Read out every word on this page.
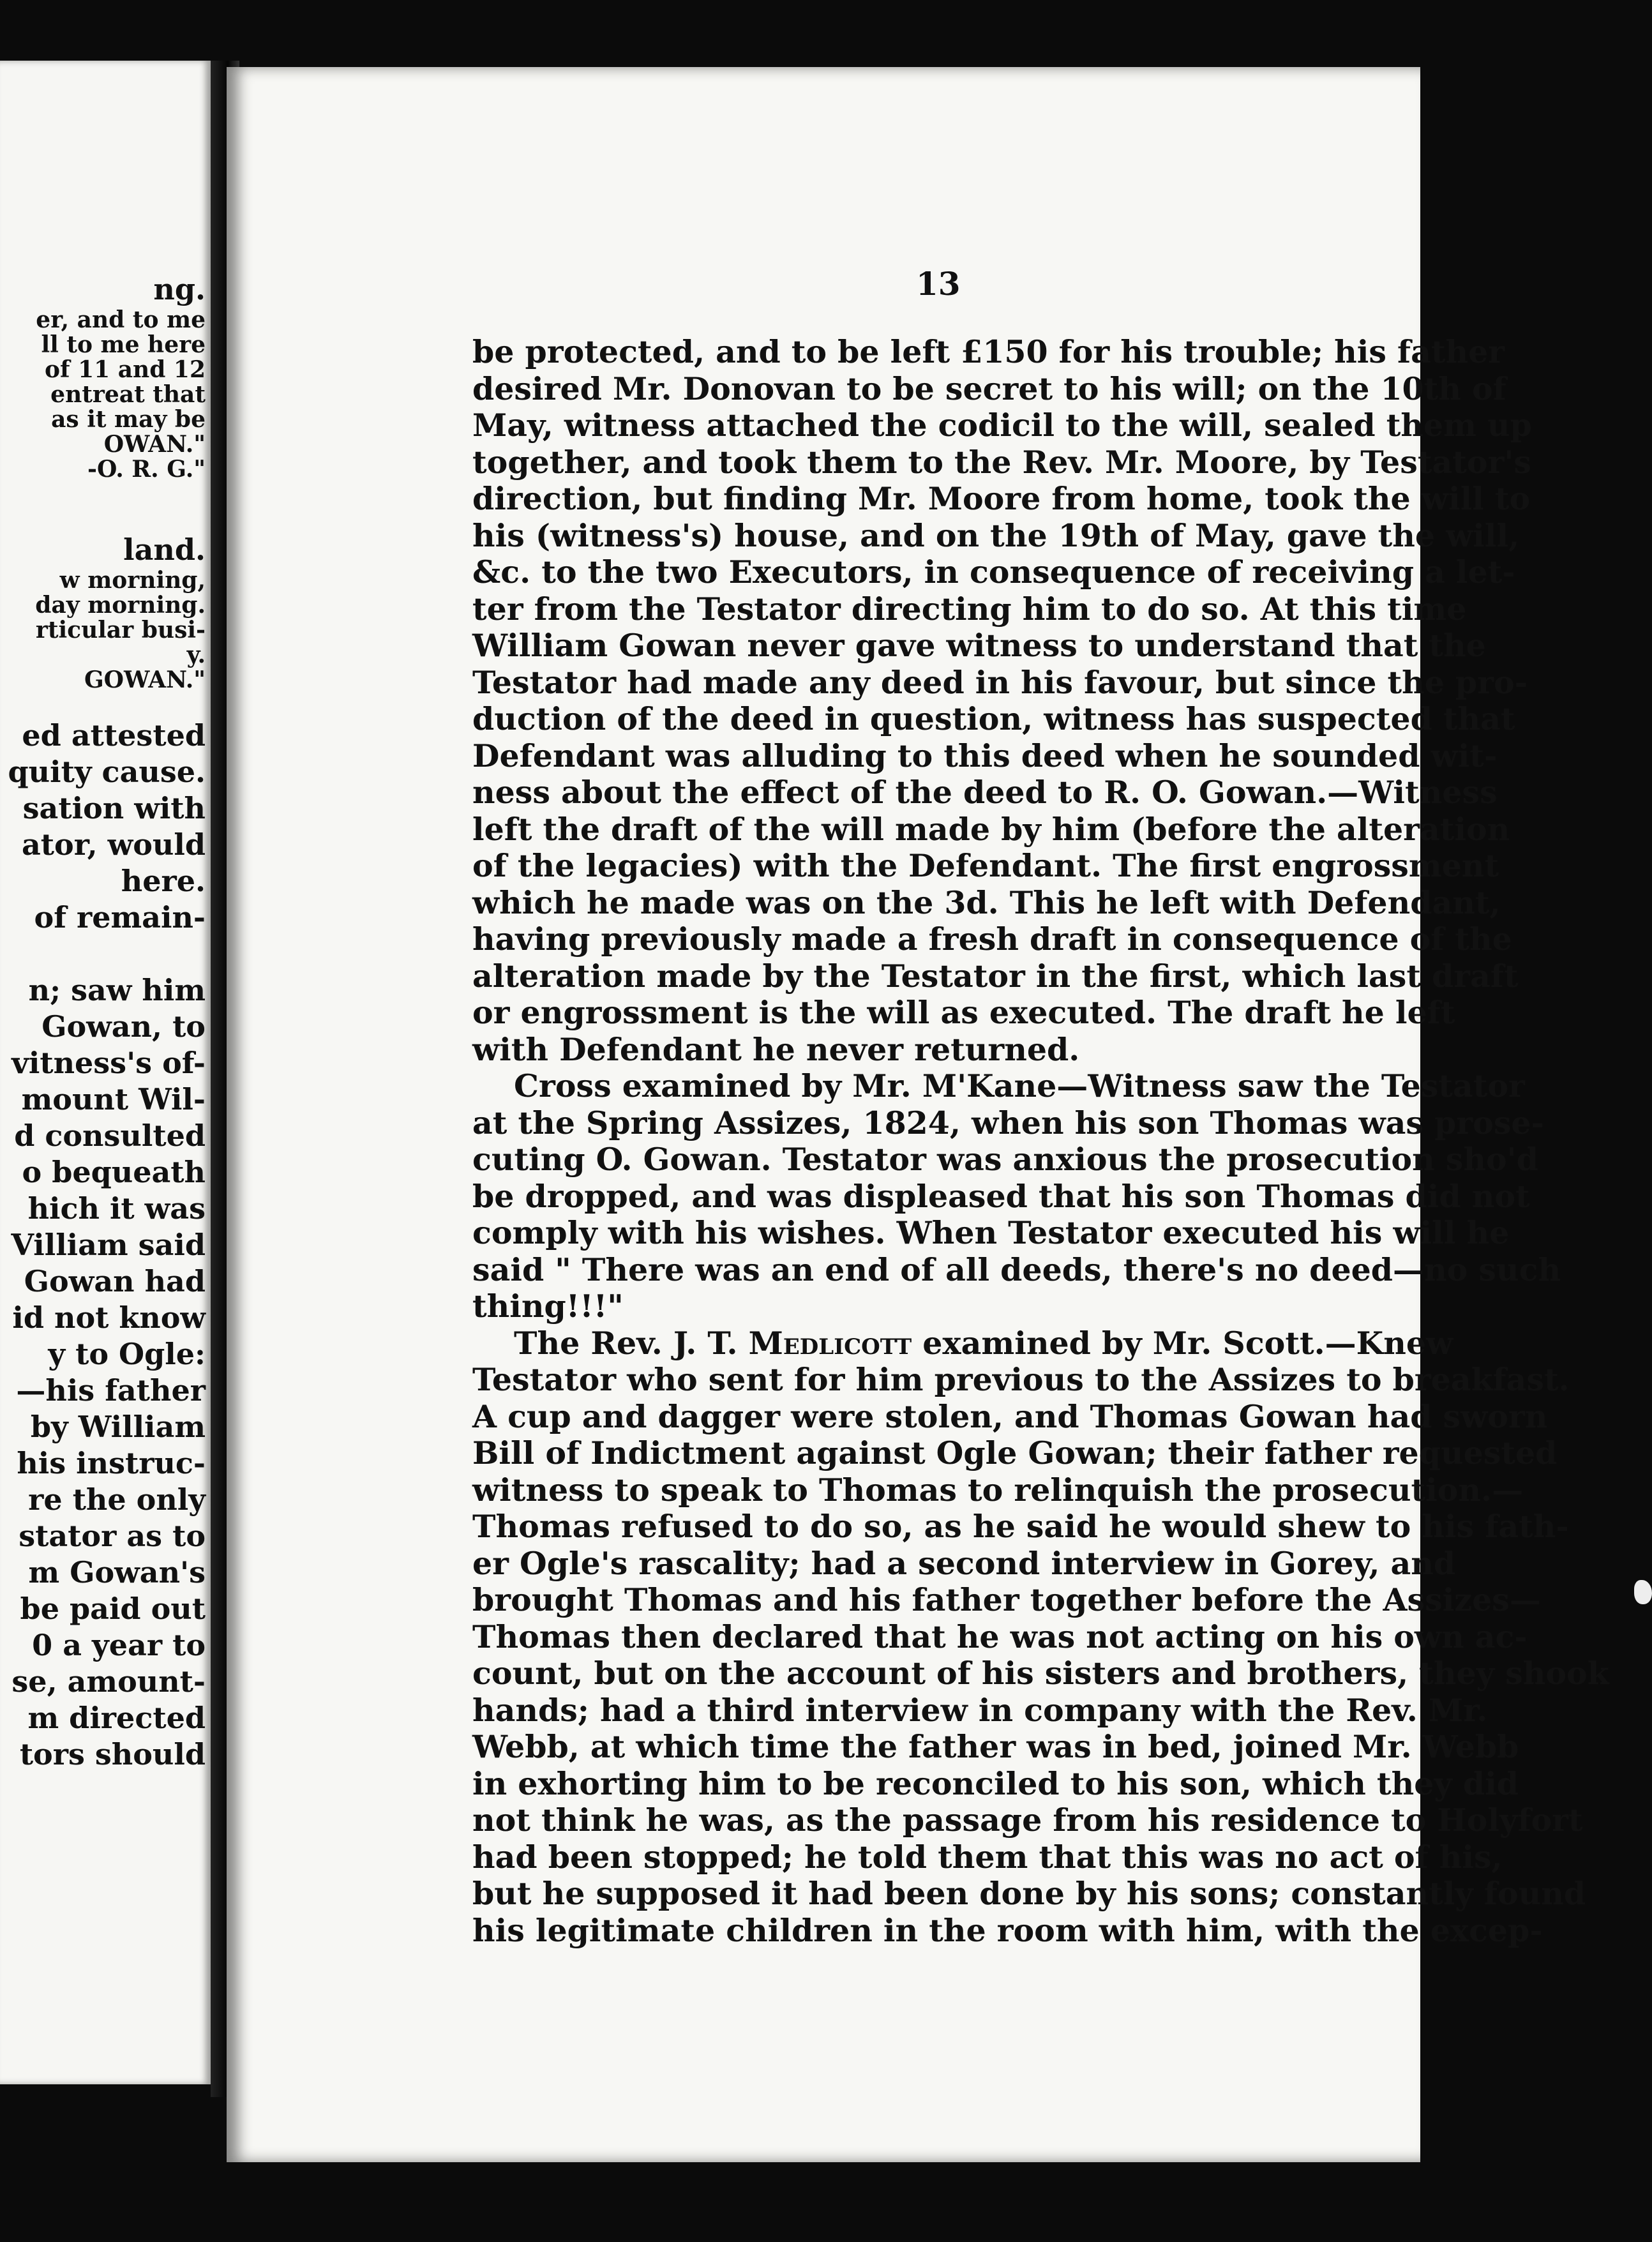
ng.
er, and to me
ll to me here
of 11 and 12
entreat that
as it may be
OWAN."
-O. R. G."

land.
w morning,
day morning.
rticular busi-
y.
GOWAN."

ed attested
quity cause.
sation with
ator, would
here.
of remain-

n; saw him
Gowan, to
vitness's of-
mount Wil-
d consulted
o bequeath
hich it was
Villiam said
Gowan had
id not know
y to Ogle:
—his father
by William
his instruc-
re the only
stator as to
m Gowan's
be paid out
0 a year to
se, amount-
m directed
tors should
13
be protected, and to be left £150 for his trouble; his father
desired Mr. Donovan to be secret to his will; on the 10th of
May, witness attached the codicil to the will, sealed them up
together, and took them to the Rev. Mr. Moore, by Testator's
direction, but finding Mr. Moore from home, took the will to
his (witness's) house, and on the 19th of May, gave the will,
&c. to the two Executors, in consequence of receiving a let-
ter from the Testator directing him to do so. At this time
William Gowan never gave witness to understand that the
Testator had made any deed in his favour, but since the pro-
duction of the deed in question, witness has suspected that
Defendant was alluding to this deed when he sounded wit-
ness about the effect of the deed to R. O. Gowan.—Witness
left the draft of the will made by him (before the alteration
of the legacies) with the Defendant. The first engrossment
which he made was on the 3d. This he left with Defendant,
having previously made a fresh draft in consequence of the
alteration made by the Testator in the first, which last draft
or engrossment is the will as executed. The draft he left
with Defendant he never returned.
Cross examined by Mr. M'Kane—Witness saw the Testator
at the Spring Assizes, 1824, when his son Thomas was prose-
cuting O. Gowan. Testator was anxious the prosecution sho'd
be dropped, and was displeased that his son Thomas did not
comply with his wishes. When Testator executed his will he
said " There was an end of all deeds, there's no deed—no such
thing!!!"
The Rev. J. T. Medlicott examined by Mr. Scott.—Knew
Testator who sent for him previous to the Assizes to breakfast.
A cup and dagger were stolen, and Thomas Gowan had sworn
Bill of Indictment against Ogle Gowan; their father requested
witness to speak to Thomas to relinquish the prosecution.—
Thomas refused to do so, as he said he would shew to his fath-
er Ogle's rascality; had a second interview in Gorey, and
brought Thomas and his father together before the Assizes—
Thomas then declared that he was not acting on his own ac-
count, but on the account of his sisters and brothers, they shook
hands; had a third interview in company with the Rev. Mr.
Webb, at which time the father was in bed, joined Mr. Webb
in exhorting him to be reconciled to his son, which they did
not think he was, as the passage from his residence to Holyfort
had been stopped; he told them that this was no act of his,
but he supposed it had been done by his sons; constantly found
his legitimate children in the room with him, with the excep-
